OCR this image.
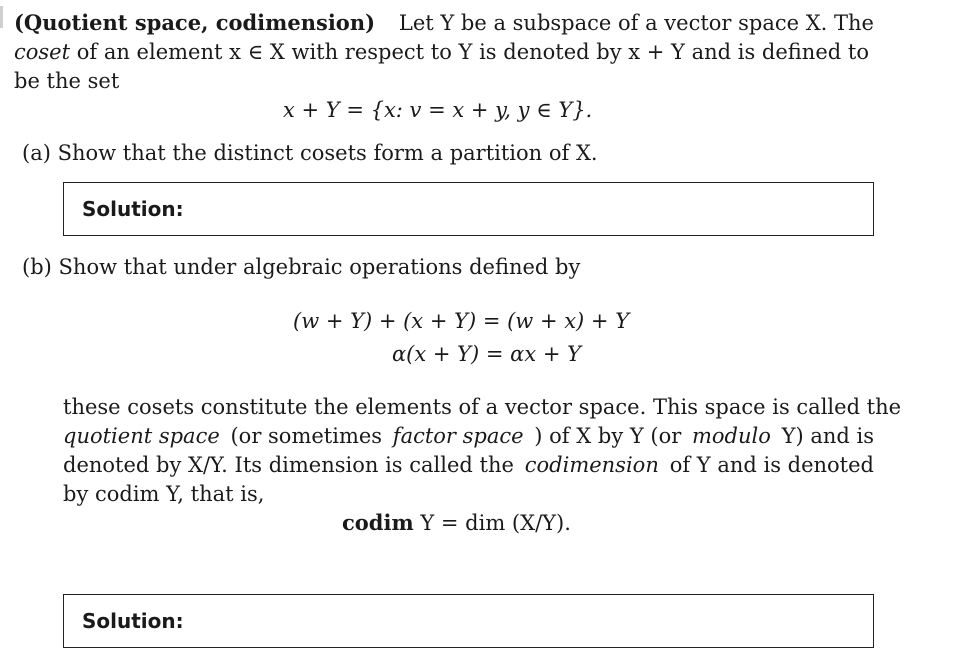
(Quotient space, codimension) Let Y be a subspace of a vector space X. The
coset of an element x ∈ X with respect to Y is denoted by x + Y and is defined to
be the set
x + Y = {x: v = x + y, y ∈ Y}.
(a) Show that the distinct cosets form a partition of X.
Solution:
(b) Show that under algebraic operations defined by
(w + Y) + (x + Y) = (w + x) + Y
α(x + Y) = αx + Y
these cosets constitute the elements of a vector space. This space is called the
quotient space (or sometimes factor space ) of X by Y (or modulo Y) and is
denoted by X/Y. Its dimension is called the codimension of Y and is denoted
by codim Y, that is,
codim Y = dim (X/Y).
Solution:
